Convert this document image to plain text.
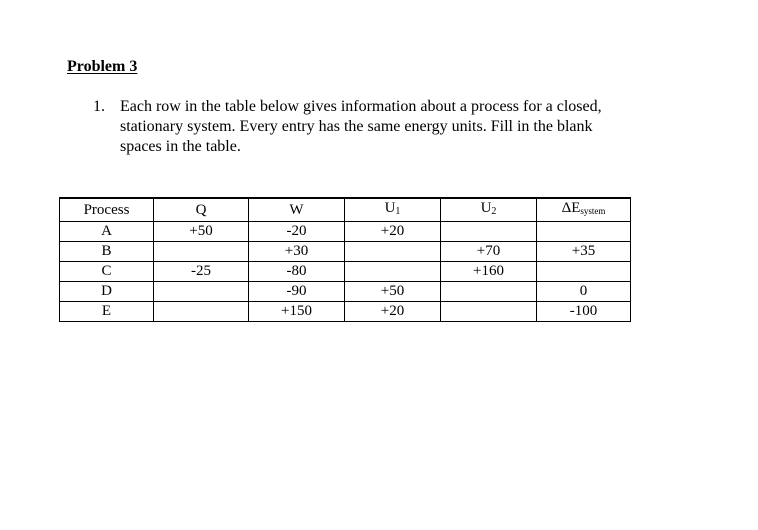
Problem 3
1. Each row in the table below gives information about a process for a closed,
stationary system. Every entry has the same energy units. Fill in the blank
spaces in the table.

Process	Q	W	$U_1$	$U_2$	ΔEsystem
A	+50	-20	+20		
B		+30		+70	+35
C	-25	-80		+160	
D		-90	+50		0
E		+150	+20		-100
